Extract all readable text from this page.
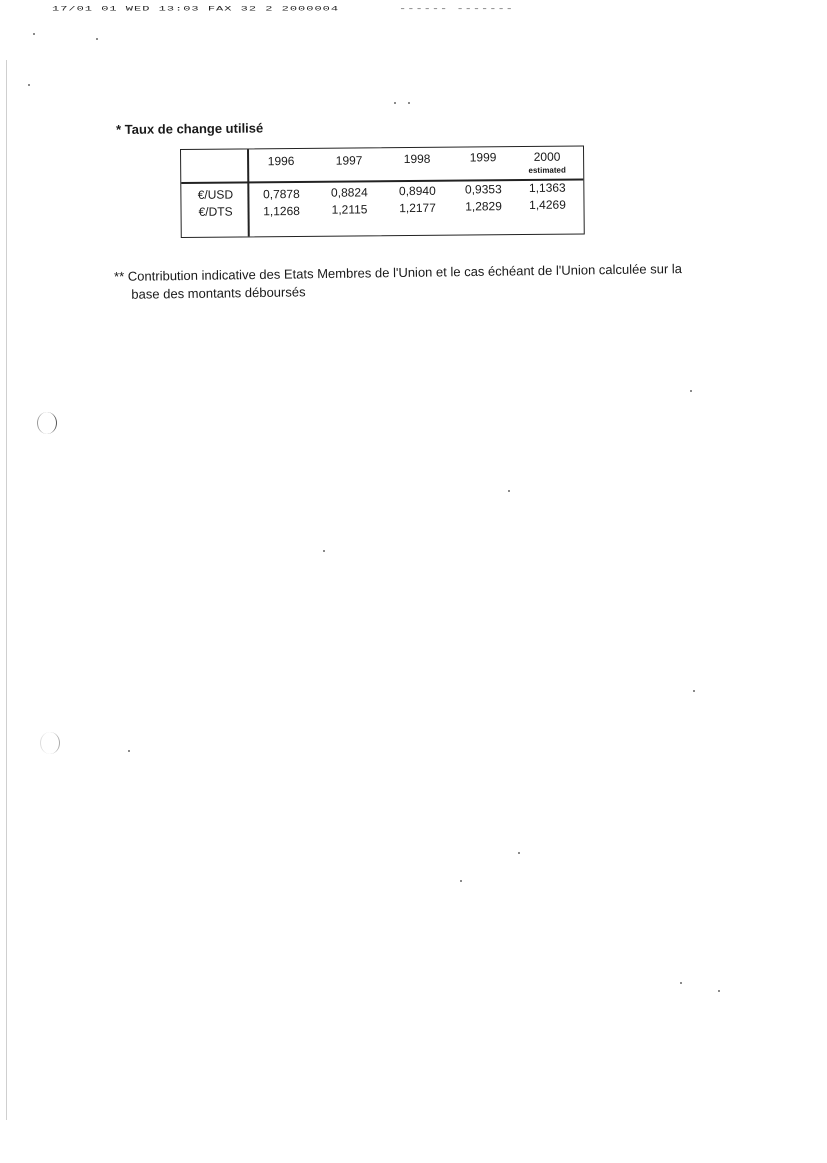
17/01 01 WED 13:03 FAX 32 2 2000004	------ -------
* Taux de change utilisé
1996	1997	1998	1999	2000
estimated
€/USD	0,7878	0,8824	0,8940	0,9353	1,1363
€/DTS	1,1268	1,2115	1,2177	1,2829	1,4269
** Contribution indicative des Etats Membres de l'Union et le cas échéant de l'Union calculée sur la
base des montants déboursés
